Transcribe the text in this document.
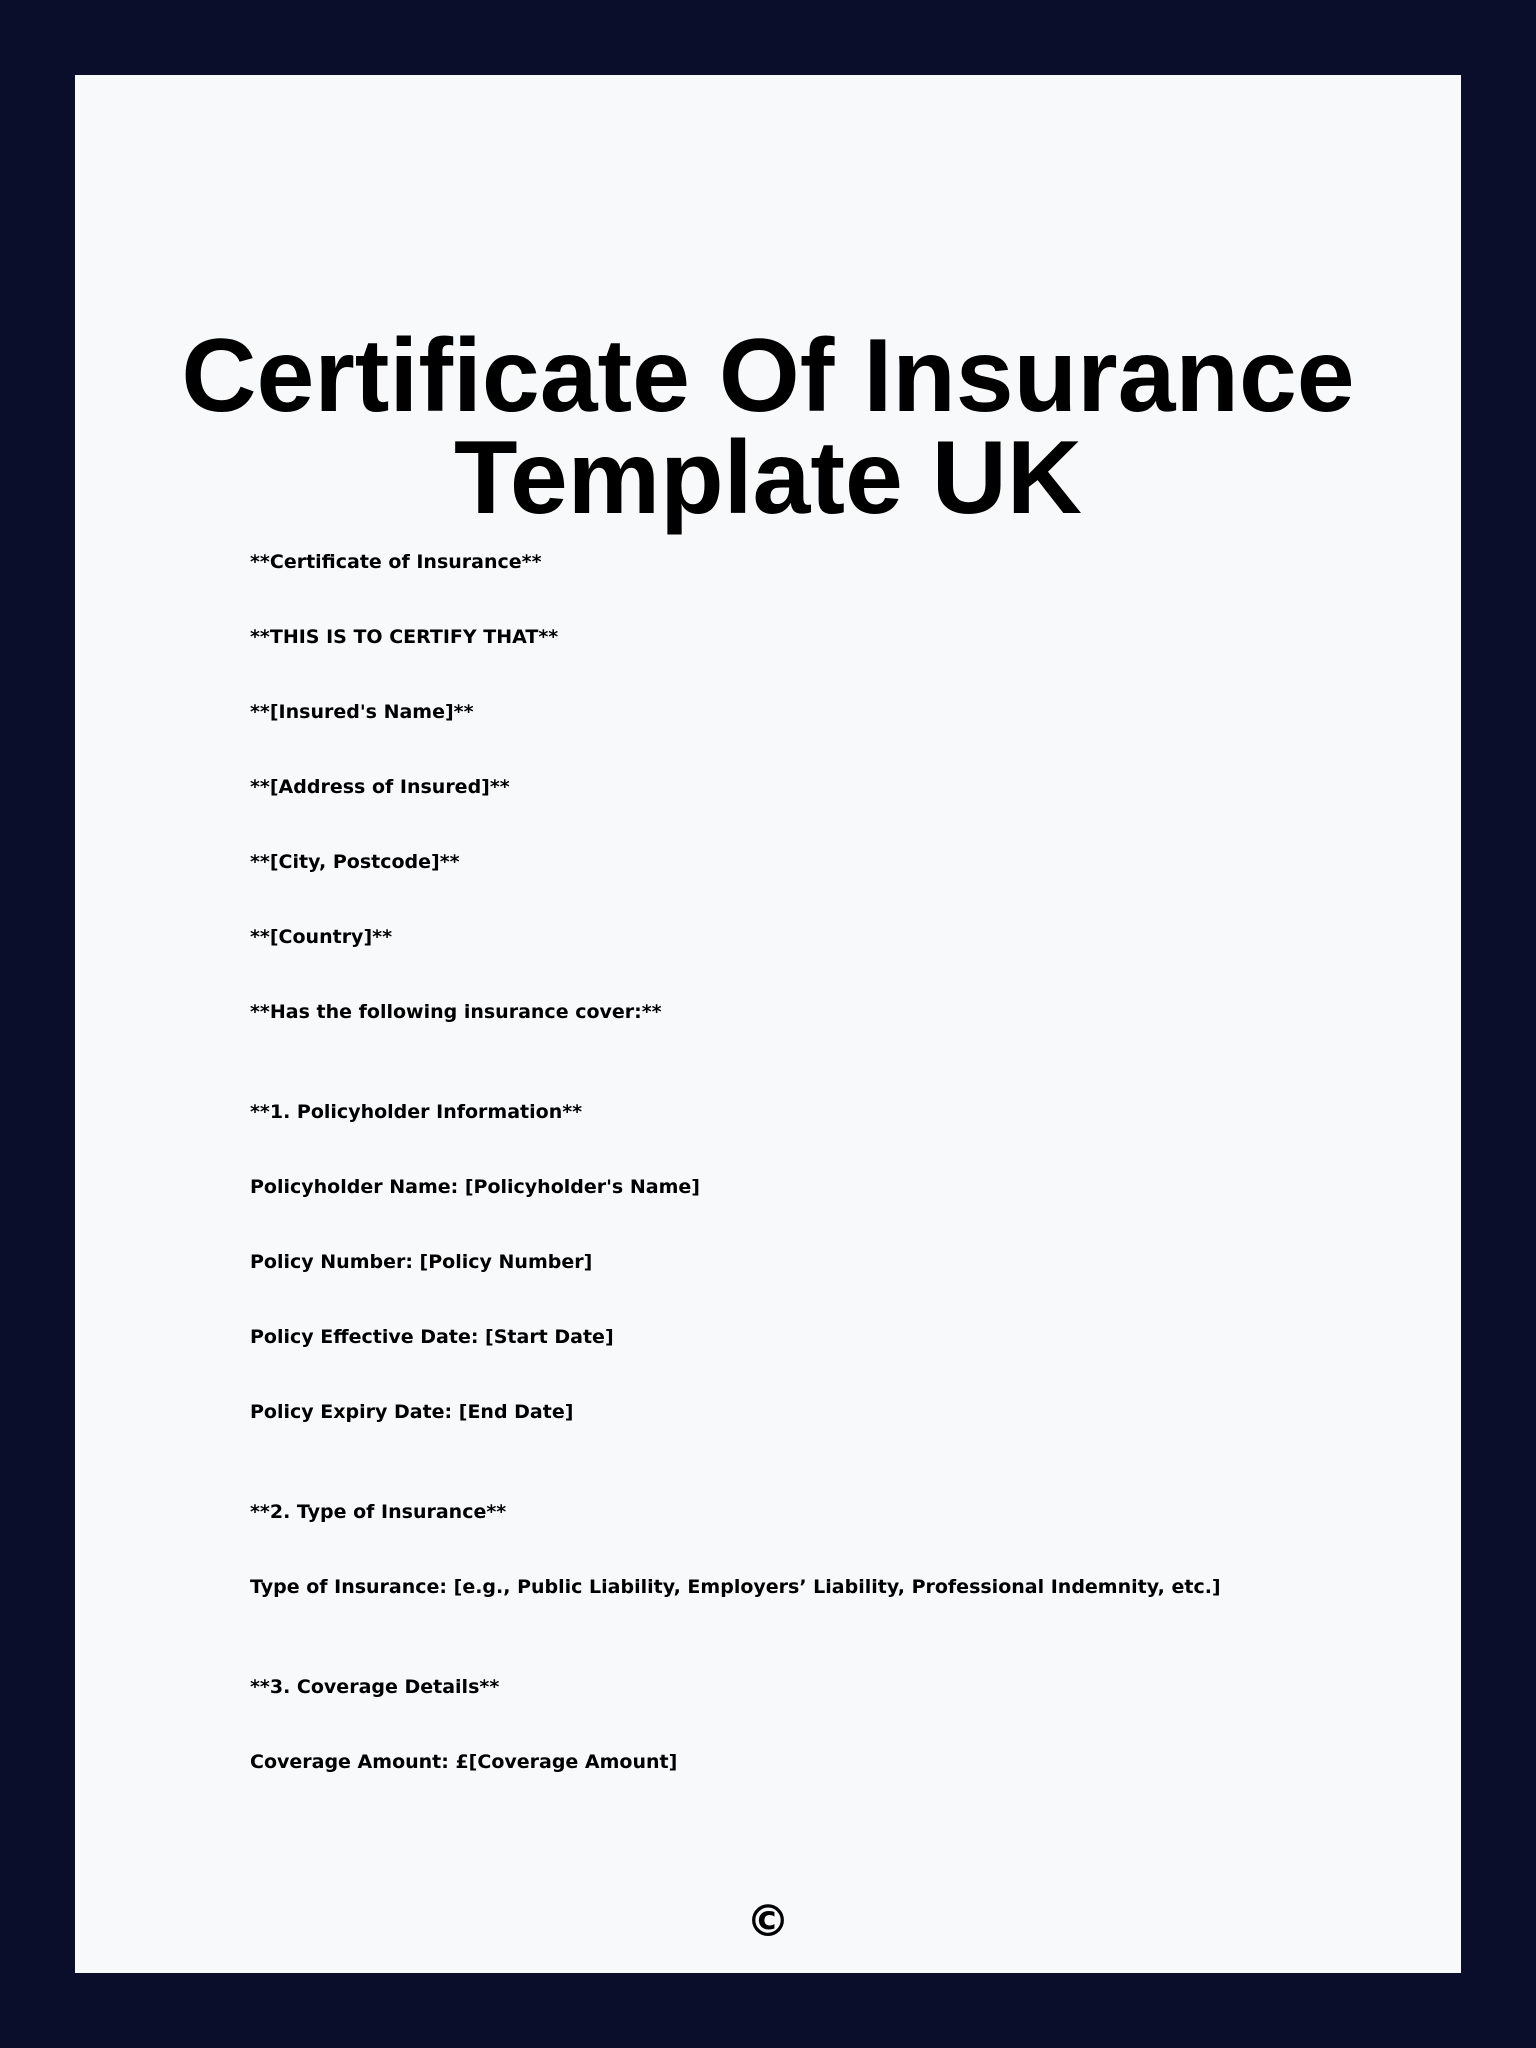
Certificate Of Insurance
Template UK

**Certificate of Insurance**

**THIS IS TO CERTIFY THAT**

**[Insured's Name]**

**[Address of Insured]**

**[City, Postcode]**

**[Country]**

**Has the following insurance cover:**

**1. Policyholder Information**

Policyholder Name: [Policyholder's Name]

Policy Number: [Policy Number]

Policy Effective Date: [Start Date]

Policy Expiry Date: [End Date]

**2. Type of Insurance**

Type of Insurance: [e.g., Public Liability, Employers’ Liability, Professional Indemnity, etc.]

**3. Coverage Details**

Coverage Amount: £[Coverage Amount]

©
